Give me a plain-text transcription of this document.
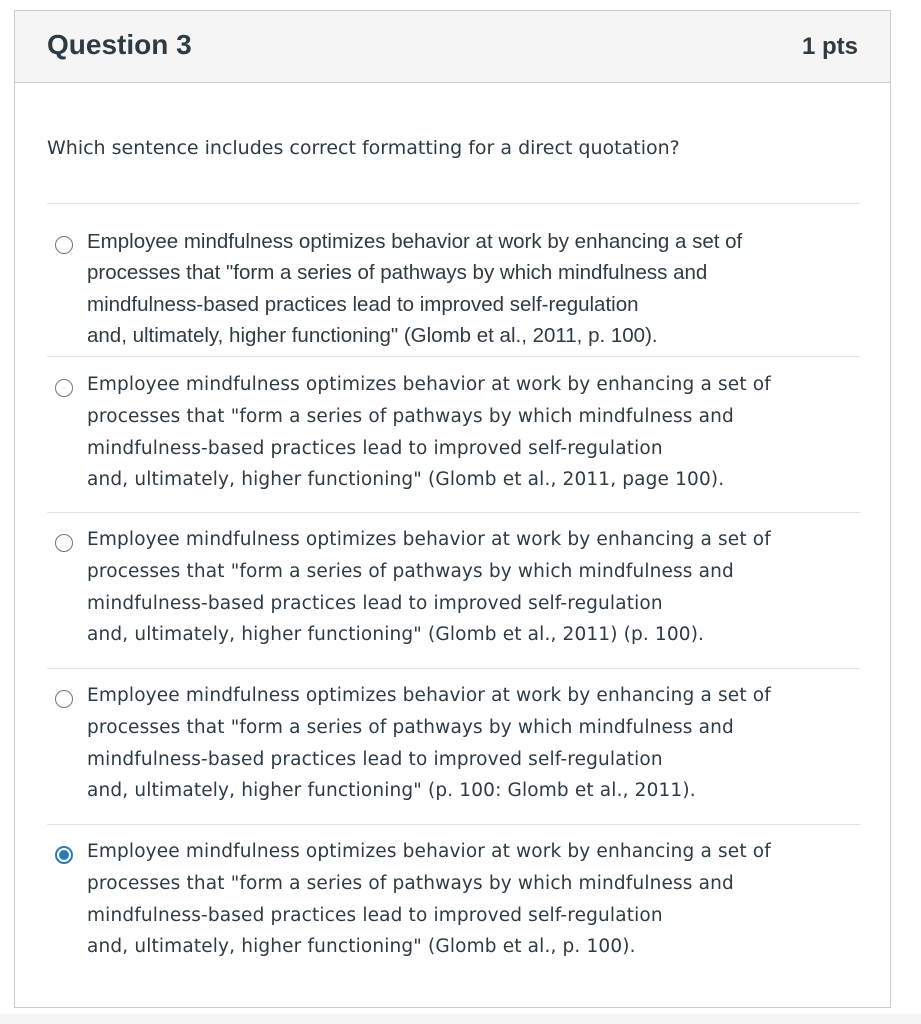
Question 3	1 pts
Which sentence includes correct formatting for a direct quotation?
Employee mindfulness optimizes behavior at work by enhancing a set of
processes that "form a series of pathways by which mindfulness and
mindfulness-based practices lead to improved self-regulation
and, ultimately, higher functioning" (Glomb et al., 2011, p. 100).
Employee mindfulness optimizes behavior at work by enhancing a set of
processes that "form a series of pathways by which mindfulness and
mindfulness-based practices lead to improved self-regulation
and, ultimately, higher functioning" (Glomb et al., 2011, page 100).
Employee mindfulness optimizes behavior at work by enhancing a set of
processes that "form a series of pathways by which mindfulness and
mindfulness-based practices lead to improved self-regulation
and, ultimately, higher functioning" (Glomb et al., 2011) (p. 100).
Employee mindfulness optimizes behavior at work by enhancing a set of
processes that "form a series of pathways by which mindfulness and
mindfulness-based practices lead to improved self-regulation
and, ultimately, higher functioning" (p. 100: Glomb et al., 2011).
Employee mindfulness optimizes behavior at work by enhancing a set of
processes that "form a series of pathways by which mindfulness and
mindfulness-based practices lead to improved self-regulation
and, ultimately, higher functioning" (Glomb et al., p. 100).
